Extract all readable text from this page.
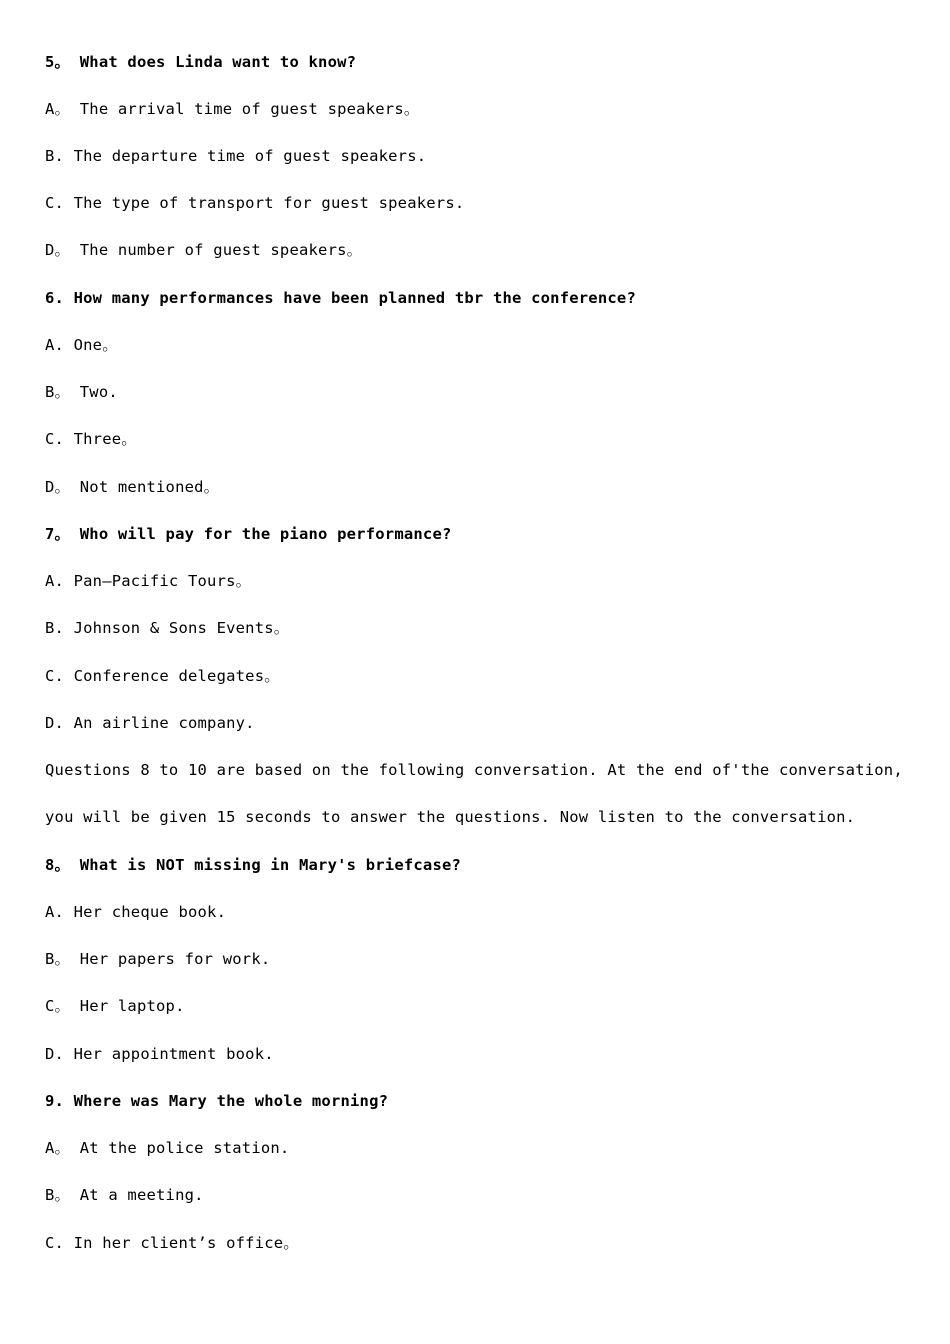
5。 What does Linda want to know?
A。 The arrival time of guest speakers。
B. The departure time of guest speakers.
C. The type of transport for guest speakers.
D。 The number of guest speakers。
6. How many performances have been planned tbr the conference?
A. One。
B。 Two.
C. Three。
D。 Not mentioned。
7。 Who will pay for the piano performance?
A. Pan—Pacific Tours。
B. Johnson & Sons Events。
C. Conference delegates。
D. An airline company.
Questions 8 to 10 are based on the following conversation. At the end of'the conversation,
you will be given 15 seconds to answer the questions. Now listen to the conversation.
8。 What is NOT missing in Mary's briefcase?
A. Her cheque book.
B。 Her papers for work.
C。 Her laptop.
D. Her appointment book.
9. Where was Mary the whole morning?
A。 At the police station.
B。 At a meeting.
C. In her client’s office。
